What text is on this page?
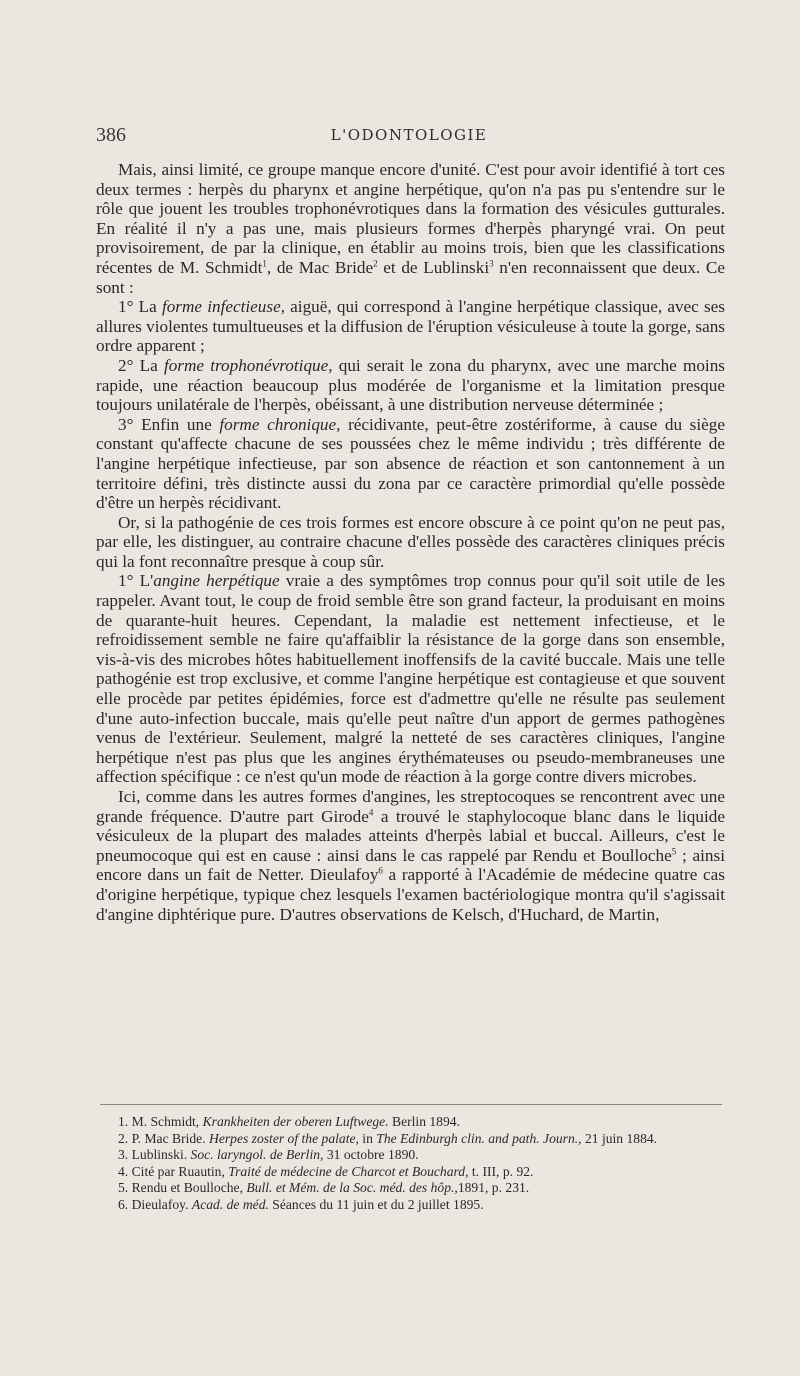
386	L'ODONTOLOGIE

Mais, ainsi limité, ce groupe manque encore d'unité. C'est pour avoir identifié à tort ces deux termes : herpès du pharynx et angine herpétique, qu'on n'a pas pu s'entendre sur le rôle que jouent les troubles trophonévrotiques dans la formation des vésicules gutturales. En réalité il n'y a pas une, mais plusieurs formes d'herpès pharyngé vrai. On peut provisoirement, de par la clinique, en établir au moins trois, bien que les classifications récentes de M. Schmidt$^1$, de Mac Bride$^2$ et de Lublinski$^3$ n'en reconnaissent que deux. Ce sont :

1° La forme infectieuse, aiguë, qui correspond à l'angine herpétique classique, avec ses allures violentes tumultueuses et la diffusion de l'éruption vésiculeuse à toute la gorge, sans ordre apparent ;

2° La forme trophonévrotique, qui serait le zona du pharynx, avec une marche moins rapide, une réaction beaucoup plus modérée de l'organisme et la limitation presque toujours unilatérale de l'herpès, obéissant, à une distribution nerveuse déterminée ;

3° Enfin une forme chronique, récidivante, peut-être zostériforme, à cause du siège constant qu'affecte chacune de ses poussées chez le même individu ; très différente de l'angine herpétique infectieuse, par son absence de réaction et son cantonnement à un territoire défini, très distincte aussi du zona par ce caractère primordial qu'elle possède d'être un herpès récidivant.

Or, si la pathogénie de ces trois formes est encore obscure à ce point qu'on ne peut pas, par elle, les distinguer, au contraire chacune d'elles possède des caractères cliniques précis qui la font reconnaître presque à coup sûr.

1° L'angine herpétique vraie a des symptômes trop connus pour qu'il soit utile de les rappeler. Avant tout, le coup de froid semble être son grand facteur, la produisant en moins de quarante-huit heures. Cependant, la maladie est nettement infectieuse, et le refroidissement semble ne faire qu'affaiblir la résistance de la gorge dans son ensemble, vis-à-vis des microbes hôtes habituellement inoffensifs de la cavité buccale. Mais une telle pathogénie est trop exclusive, et comme l'angine herpétique est contagieuse et que souvent elle procède par petites épidémies, force est d'admettre qu'elle ne résulte pas seulement d'une auto-infection buccale, mais qu'elle peut naître d'un apport de germes pathogènes venus de l'extérieur. Seulement, malgré la netteté de ses caractères cliniques, l'angine herpétique n'est pas plus que les angines érythémateuses ou pseudo-membraneuses une affection spécifique : ce n'est qu'un mode de réaction à la gorge contre divers microbes.

Ici, comme dans les autres formes d'angines, les streptocoques se rencontrent avec une grande fréquence. D'autre part Girode$^4$ a trouvé le staphylocoque blanc dans le liquide vésiculeux de la plupart des malades atteints d'herpès labial et buccal. Ailleurs, c'est le pneumocoque qui est en cause : ainsi dans le cas rappelé par Rendu et Boulloche$^5$ ; ainsi encore dans un fait de Netter. Dieulafoy$^6$ a rapporté à l'Académie de médecine quatre cas d'origine herpétique, typique chez lesquels l'examen bactériologique montra qu'il s'agissait d'angine diphtérique pure. D'autres observations de Kelsch, d'Huchard, de Martin,

1. M. Schmidt, Krankheiten der oberen Luftwege. Berlin 1894.
2. P. Mac Bride. Herpes zoster of the palate, in The Edinburgh clin. and path. Journ., 21 juin 1884.
3. Lublinski. Soc. laryngol. de Berlin, 31 octobre 1890.
4. Cité par Ruautin, Traité de médecine de Charcot et Bouchard, t. III, p. 92.
5. Rendu et Boulloche, Bull. et Mém. de la Soc. méd. des hôp.,1891, p. 231.
6. Dieulafoy. Acad. de méd. Séances du 11 juin et du 2 juillet 1895.
